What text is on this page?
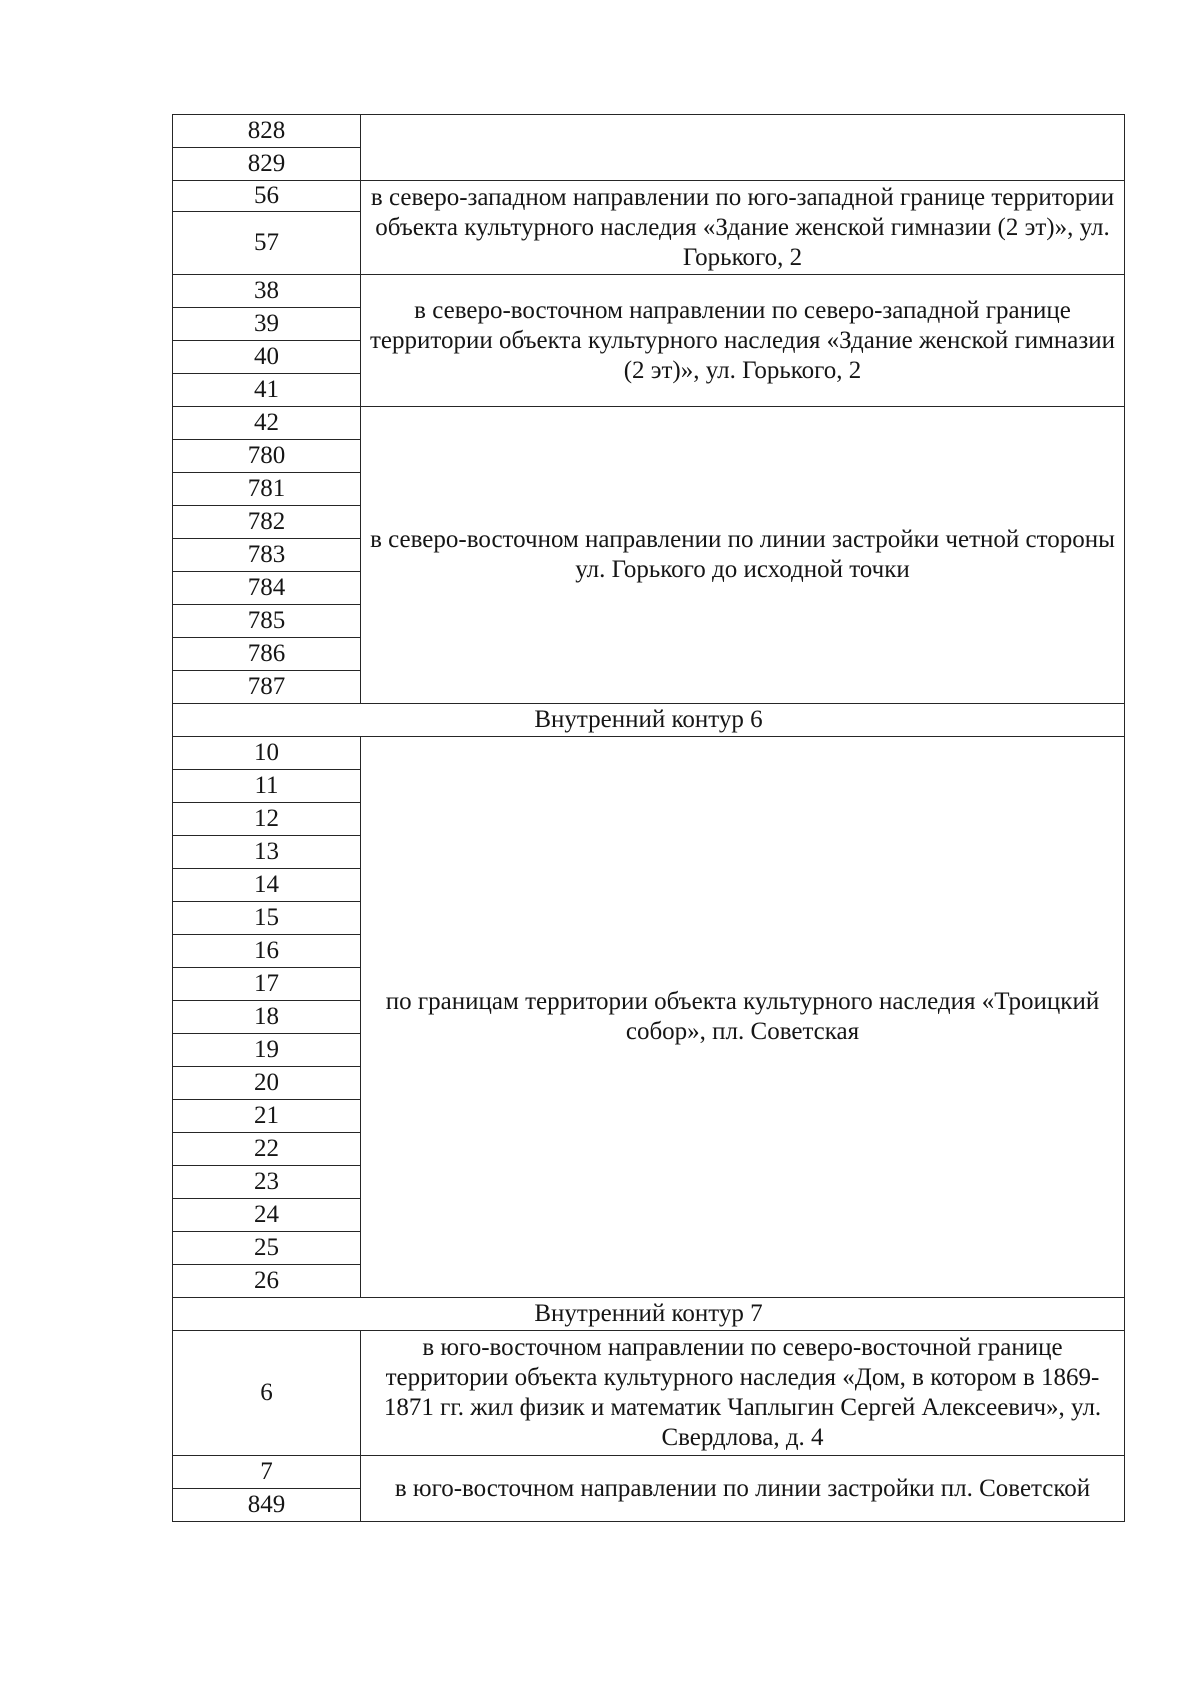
828	
829	
56	в северо-западном направлении по юго-западной границе территории объекта культурного наследия «Здание женской гимназии (2 эт)», ул. Горького, 2
57	
38	в северо-восточном направлении по северо-западной границе территории объекта культурного наследия «Здание женской гимназии (2 эт)», ул. Горького, 2
39	
40	
41	
42	в северо-восточном направлении по линии застройки четной стороны ул. Горького до исходной точки
780	
781	
782	
783	
784	
785	
786	
787	
Внутренний контур 6	
10	по границам территории объекта культурного наследия «Троицкий собор», пл. Советская
11	
12	
13	
14	
15	
16	
17	
18	
19	
20	
21	
22	
23	
24	
25	
26	
Внутренний контур 7	
6	в юго-восточном направлении по северо-восточной границе территории объекта культурного наследия «Дом, в котором в 1869-1871 гг. жил физик и математик Чаплыгин Сергей Алексеевич», ул. Свердлова, д. 4
7	в юго-восточном направлении по линии застройки пл. Советской
849	
